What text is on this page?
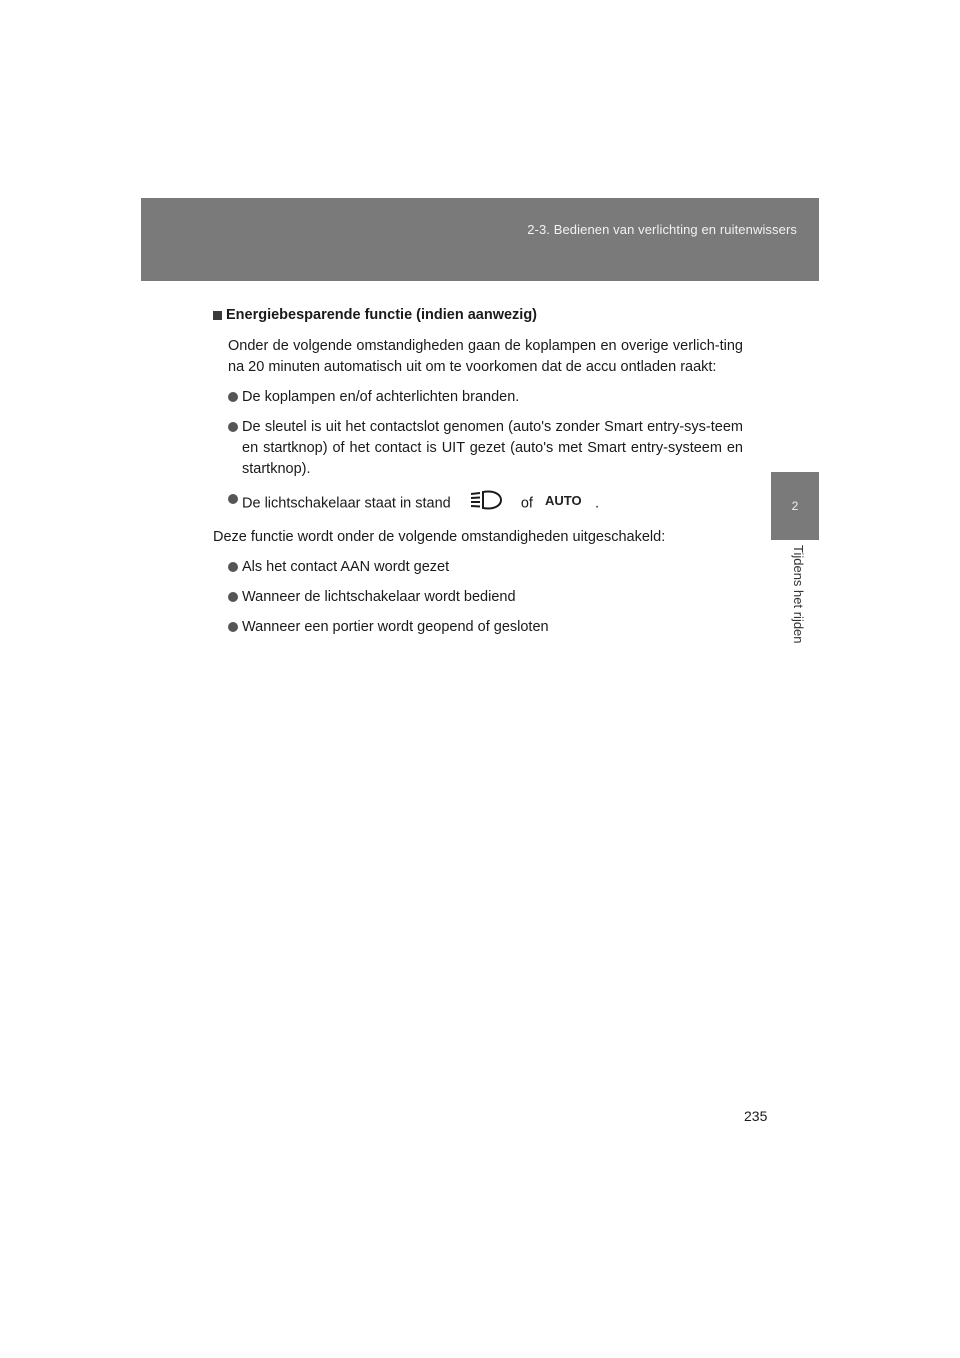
2-3. Bedienen van verlichting en ruitenwissers
2
Tijdens het rijden

Energiebesparende functie (indien aanwezig)

Onder de volgende omstandigheden gaan de koplampen en overige verlich-ting na 20 minuten automatisch uit om te voorkomen dat de accu ontladen raakt:

De koplampen en/of achterlichten branden.
De sleutel is uit het contactslot genomen (auto's zonder Smart entry-sys-teem en startknop) of het contact is UIT gezet (auto's met Smart entry-systeem en startknop).
De lichtschakelaar staat in stand	of AUTO .

Deze functie wordt onder de volgende omstandigheden uitgeschakeld:

Als het contact AAN wordt gezet
Wanneer de lichtschakelaar wordt bediend
Wanneer een portier wordt geopend of gesloten
235
